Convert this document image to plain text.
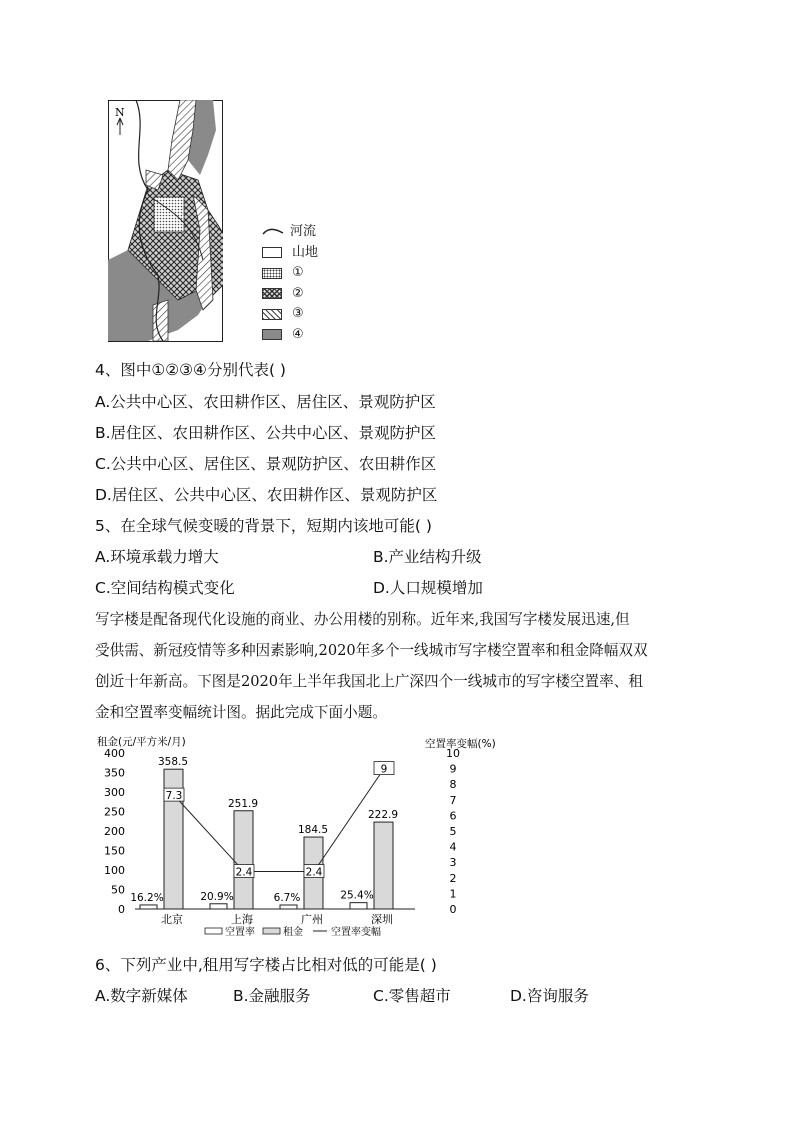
N
河流
山地
①
②
③
④
4、图中①②③④分别代表( )
A.公共中心区、农田耕作区、居住区、景观防护区
B.居住区、农田耕作区、公共中心区、景观防护区
C.公共中心区、居住区、景观防护区、农田耕作区
D.居住区、公共中心区、农田耕作区、景观防护区
5、在全球气候变暖的背景下，短期内该地可能( )
A.环境承载力增大	B.产业结构升级
C.空间结构模式变化	D.人口规模增加
写字楼是配备现代化设施的商业、办公用楼的别称。近年来,我国写字楼发展迅速,但
受供需、新冠疫情等多种因素影响,2020年多个一线城市写字楼空置率和租金降幅双双
创近十年新高。下图是2020年上半年我国北上广深四个一线城市的写字楼空置率、租
金和空置率变幅统计图。据此完成下面小题。
租金(元/平方米/月)	空置率变幅(%)
0
50
100
150
200
250
300
350
400
0
1
2
3
4
5
6
7
8
9
10
16.2%
358.5
北京
20.9%
251.9
上海
6.7%
184.5
广州
25.4%
222.9
深圳
7.3
2.4	2.4
9
空置率	租金	空置率变幅
6、下列产业中,租用写字楼占比相对低的可能是( )
A.数字新媒体	B.金融服务	C.零售超市	D.咨询服务
